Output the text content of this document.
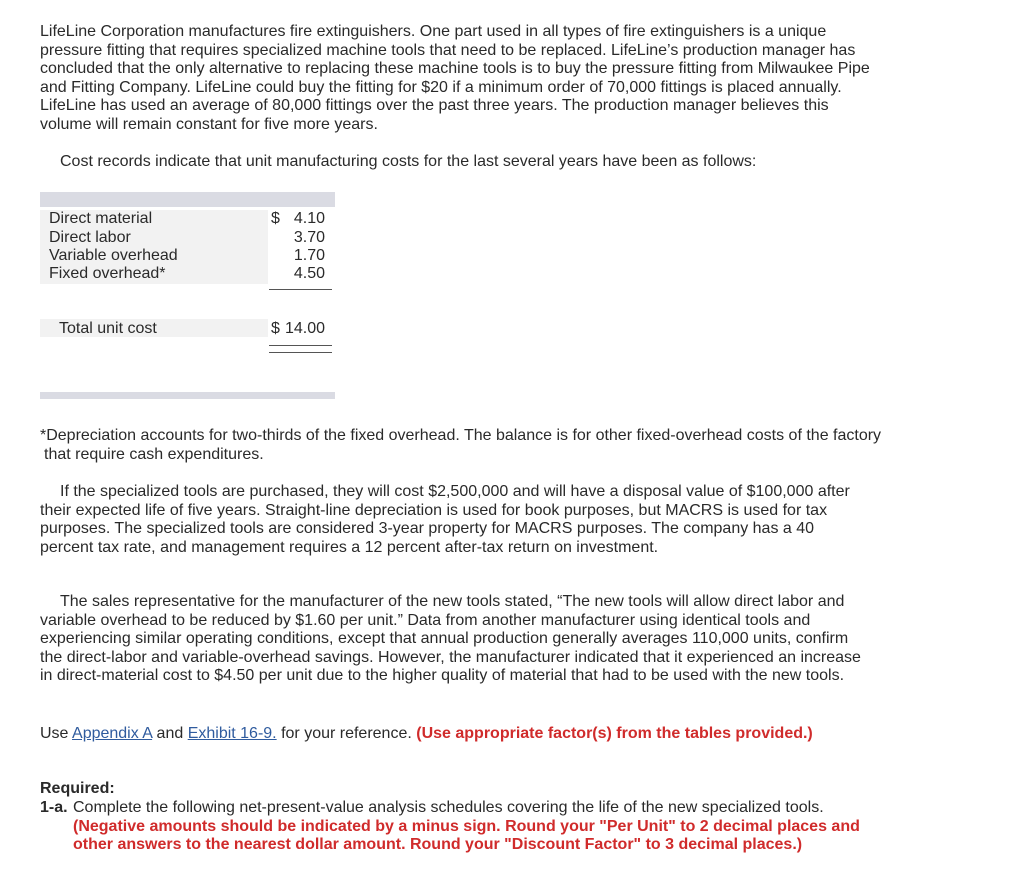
LifeLine Corporation manufactures fire extinguishers. One part used in all types of fire extinguishers is a unique pressure fitting that requires specialized machine tools that need to be replaced. LifeLine’s production manager has concluded that the only alternative to replacing these machine tools is to buy the pressure fitting from Milwaukee Pipe and Fitting Company. LifeLine could buy the fitting for $20 if a minimum order of 70,000 fittings is placed annually. LifeLine has used an average of 80,000 fittings over the past three years. The production manager believes this volume will remain constant for five more years.

Cost records indicate that unit manufacturing costs for the last several years have been as follows:

Direct material
Direct labor
Variable overhead
Fixed overhead*
$ 4.10
3.70
1.70
4.50
Total unit cost	$ 14.00

*Depreciation accounts for two-thirds of the fixed overhead. The balance is for other fixed-overhead costs of the factory that require cash expenditures.

If the specialized tools are purchased, they will cost $2,500,000 and will have a disposal value of $100,000 after their expected life of five years. Straight-line depreciation is used for book purposes, but MACRS is used for tax purposes. The specialized tools are considered 3-year property for MACRS purposes. The company has a 40 percent tax rate, and management requires a 12 percent after-tax return on investment.

The sales representative for the manufacturer of the new tools stated, “The new tools will allow direct labor and variable overhead to be reduced by $1.60 per unit.” Data from another manufacturer using identical tools and experiencing similar operating conditions, except that annual production generally averages 110,000 units, confirm the direct-labor and variable-overhead savings. However, the manufacturer indicated that it experienced an increase in direct-material cost to $4.50 per unit due to the higher quality of material that had to be used with the new tools.

Use Appendix A and Exhibit 16-9. for your reference. (Use appropriate factor(s) from the tables provided.)

Required:
1-a. Complete the following net-present-value analysis schedules covering the life of the new specialized tools. (Negative amounts should be indicated by a minus sign. Round your "Per Unit" to 2 decimal places and other answers to the nearest dollar amount. Round your "Discount Factor" to 3 decimal places.)
